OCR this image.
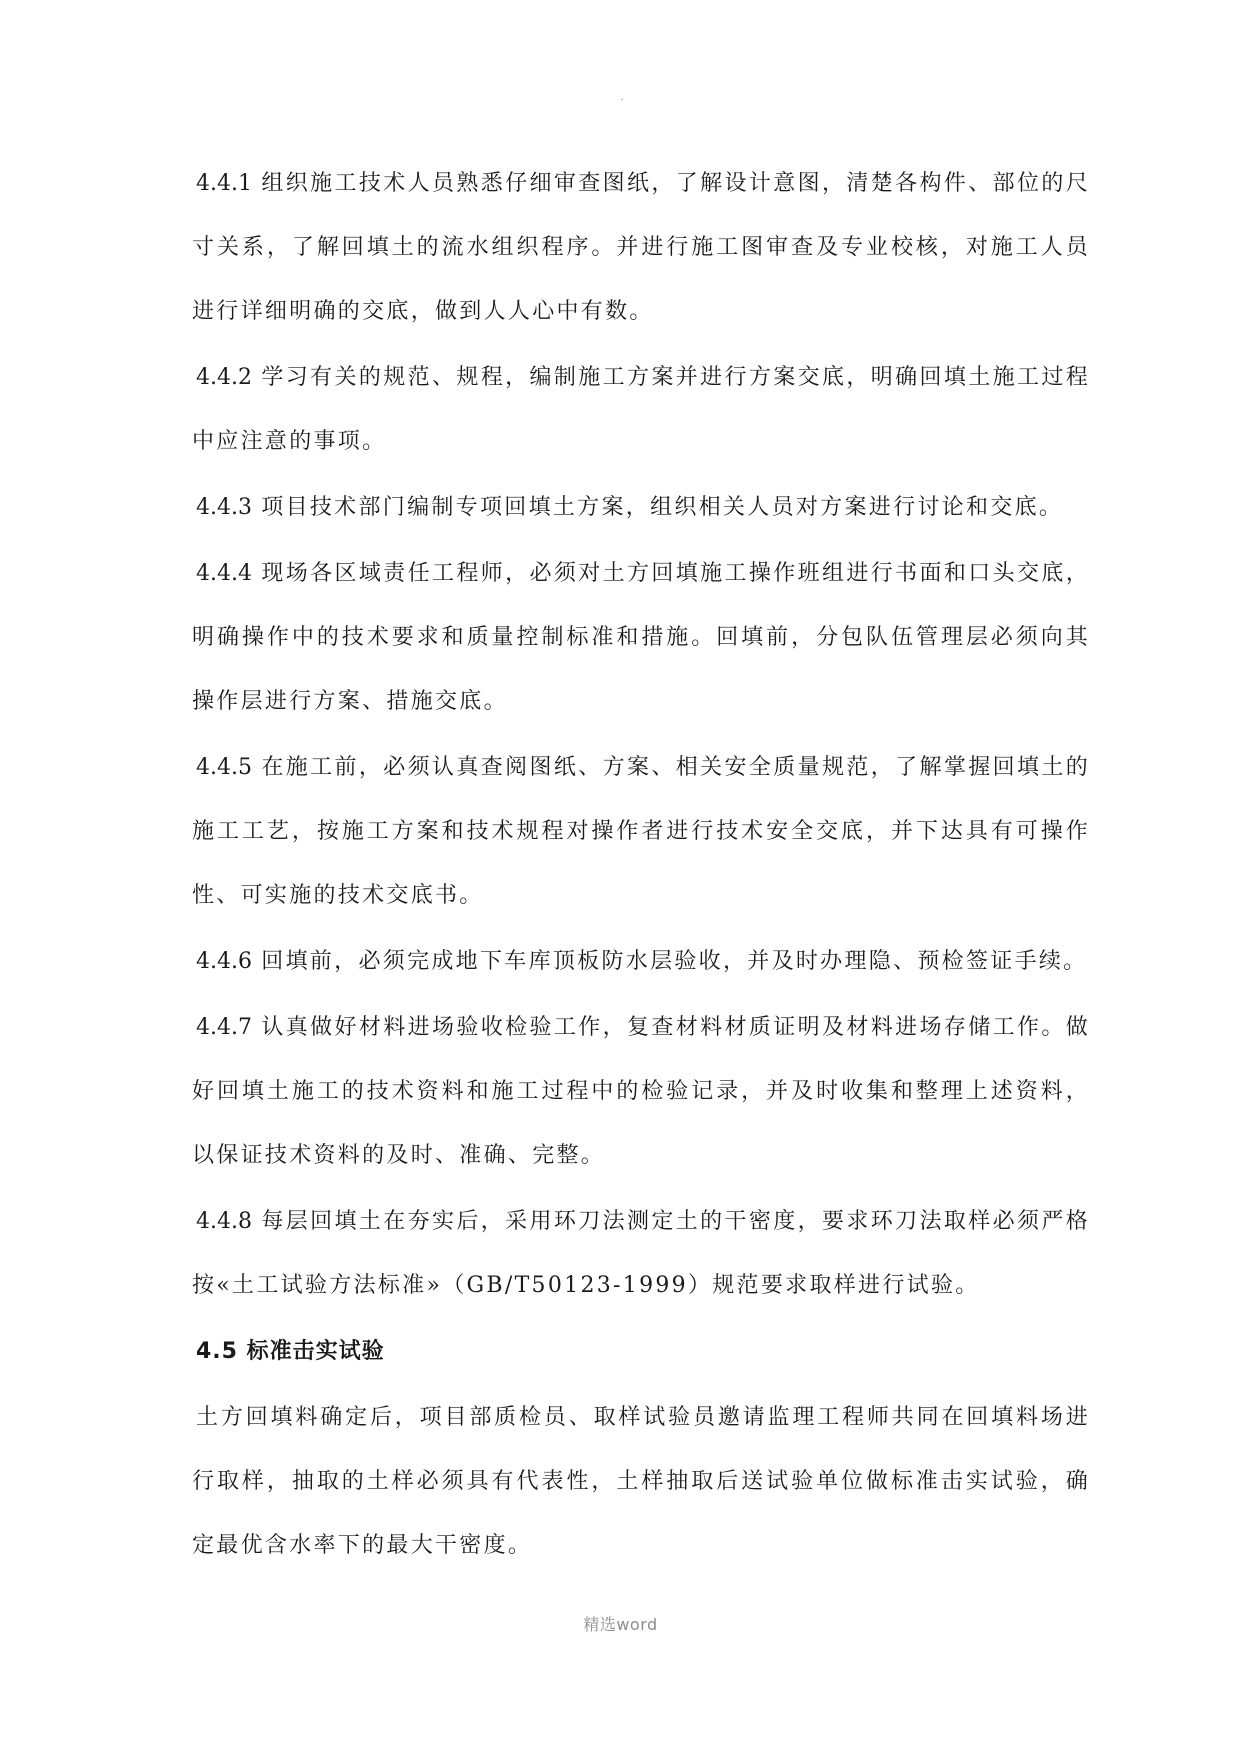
.

4.4.1 组织施工技术人员熟悉仔细审查图纸，了解设计意图，清楚各构件、部位的尺寸关系，了解回填土的流水组织程序。并进行施工图审查及专业校核，对施工人员进行详细明确的交底，做到人人心中有数。

4.4.2 学习有关的规范、规程，编制施工方案并进行方案交底，明确回填土施工过程中应注意的事项。

4.4.3 项目技术部门编制专项回填土方案，组织相关人员对方案进行讨论和交底。

4.4.4 现场各区域责任工程师，必须对土方回填施工操作班组进行书面和口头交底，明确操作中的技术要求和质量控制标准和措施。回填前，分包队伍管理层必须向其操作层进行方案、措施交底。

4.4.5 在施工前，必须认真查阅图纸、方案、相关安全质量规范，了解掌握回填土的施工工艺，按施工方案和技术规程对操作者进行技术安全交底，并下达具有可操作性、可实施的技术交底书。

4.4.6 回填前，必须完成地下车库顶板防水层验收，并及时办理隐、预检签证手续。

4.4.7 认真做好材料进场验收检验工作，复查材料材质证明及材料进场存储工作。做好回填土施工的技术资料和施工过程中的检验记录，并及时收集和整理上述资料，以保证技术资料的及时、准确、完整。

4.4.8 每层回填土在夯实后，采用环刀法测定土的干密度，要求环刀法取样必须严格按«土工试验方法标准»（GB/T50123-1999）规范要求取样进行试验。

4.5 标准击实试验

土方回填料确定后，项目部质检员、取样试验员邀请监理工程师共同在回填料场进行取样，抽取的土样必须具有代表性，土样抽取后送试验单位做标准击实试验，确定最优含水率下的最大干密度。

精选word
